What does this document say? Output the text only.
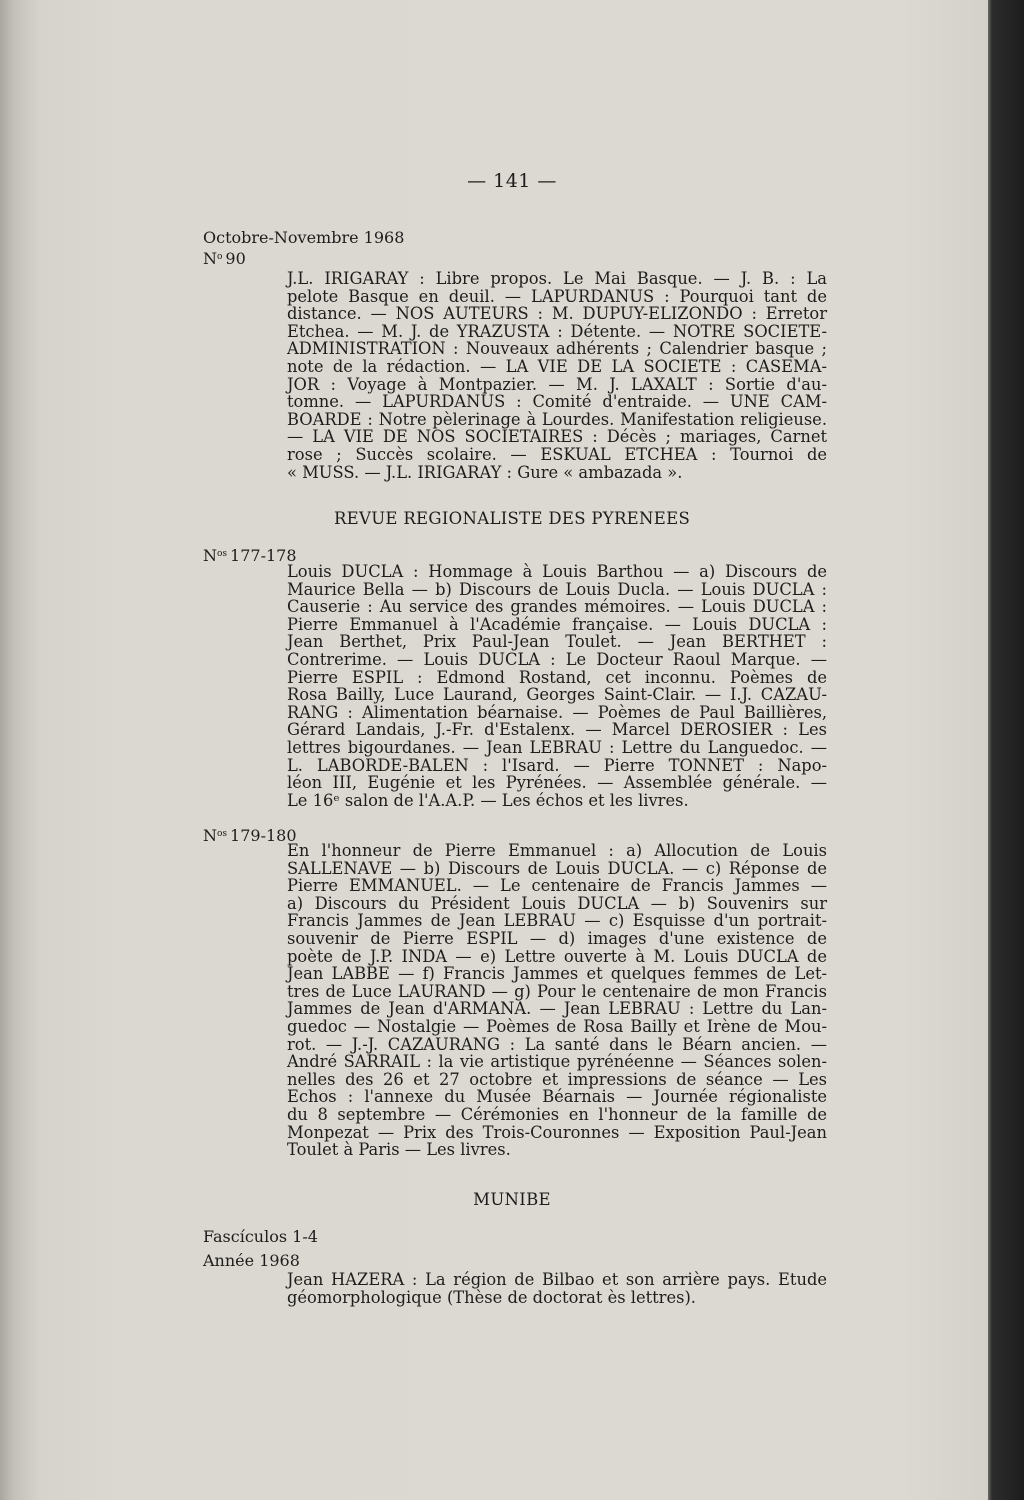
— 141 —
Octobre-Novembre 1968
$N^o$ 90
J.L. IRIGARAY : Libre propos. Le Mai Basque. — J. B. : La
pelote Basque en deuil. — LAPURDANUS : Pourquoi tant de
distance. — NOS AUTEURS : M. DUPUY-ELIZONDO : Erretor
Etchea. — M. J. de YRAZUSTA : Détente. — NOTRE SOCIETE-
ADMINISTRATION : Nouveaux adhérents ; Calendrier basque ;
note de la rédaction. — LA VIE DE LA SOCIETE : CASEMA-
JOR : Voyage à Montpazier. — M. J. LAXALT : Sortie d'au-
tomne. — LAPURDANUS : Comité d'entraide. — UNE CAM-
BOARDE : Notre pèlerinage à Lourdes. Manifestation religieuse.
— LA VIE DE NOS SOCIETAIRES : Décès ; mariages, Carnet
rose ; Succès scolaire. — ESKUAL ETCHEA : Tournoi de
« MUSS. — J.L. IRIGARAY : Gure « ambazada ».
REVUE REGIONALISTE DES PYRENEES
$N^{os}$ 177-178
Louis DUCLA : Hommage à Louis Barthou — a) Discours de
Maurice Bella — b) Discours de Louis Ducla. — Louis DUCLA :
Causerie : Au service des grandes mémoires. — Louis DUCLA :
Pierre Emmanuel à l'Académie française. — Louis DUCLA :
Jean Berthet, Prix Paul-Jean Toulet. — Jean BERTHET :
Contrerime. — Louis DUCLA : Le Docteur Raoul Marque. —
Pierre ESPIL : Edmond Rostand, cet inconnu. Poèmes de
Rosa Bailly, Luce Laurand, Georges Saint-Clair. — I.J. CAZAU-
RANG : Alimentation béarnaise. — Poèmes de Paul Baillières,
Gérard Landais, J.-Fr. d'Estalenx. — Marcel DEROSIER : Les
lettres bigourdanes. — Jean LEBRAU : Lettre du Languedoc. —
L. LABORDE-BALEN : l'Isard. — Pierre TONNET : Napo-
léon III, Eugénie et les Pyrénées. — Assemblée générale. —
Le 16ᵉ salon de l'A.A.P. — Les échos et les livres.
$N^{os}$ 179-180
En l'honneur de Pierre Emmanuel : a) Allocution de Louis
SALLENAVE — b) Discours de Louis DUCLA. — c) Réponse de
Pierre EMMANUEL. — Le centenaire de Francis Jammes —
a) Discours du Président Louis DUCLA — b) Souvenirs sur
Francis Jammes de Jean LEBRAU — c) Esquisse d'un portrait-
souvenir de Pierre ESPIL — d) images d'une existence de
poète de J.P. INDA — e) Lettre ouverte à M. Louis DUCLA de
Jean LABBE — f) Francis Jammes et quelques femmes de Let-
tres de Luce LAURAND — g) Pour le centenaire de mon Francis
Jammes de Jean d'ARMANA. — Jean LEBRAU : Lettre du Lan-
guedoc — Nostalgie — Poèmes de Rosa Bailly et Irène de Mou-
rot. — J.-J. CAZAURANG : La santé dans le Béarn ancien. —
André SARRAIL : la vie artistique pyrénéenne — Séances solen-
nelles des 26 et 27 octobre et impressions de séance — Les
Echos : l'annexe du Musée Béarnais — Journée régionaliste
du 8 septembre — Cérémonies en l'honneur de la famille de
Monpezat — Prix des Trois-Couronnes — Exposition Paul-Jean
Toulet à Paris — Les livres.
MUNIBE
Fascículos 1-4
Année 1968
Jean HAZERA : La région de Bilbao et son arrière pays. Etude
géomorphologique (Thèse de doctorat ès lettres).
